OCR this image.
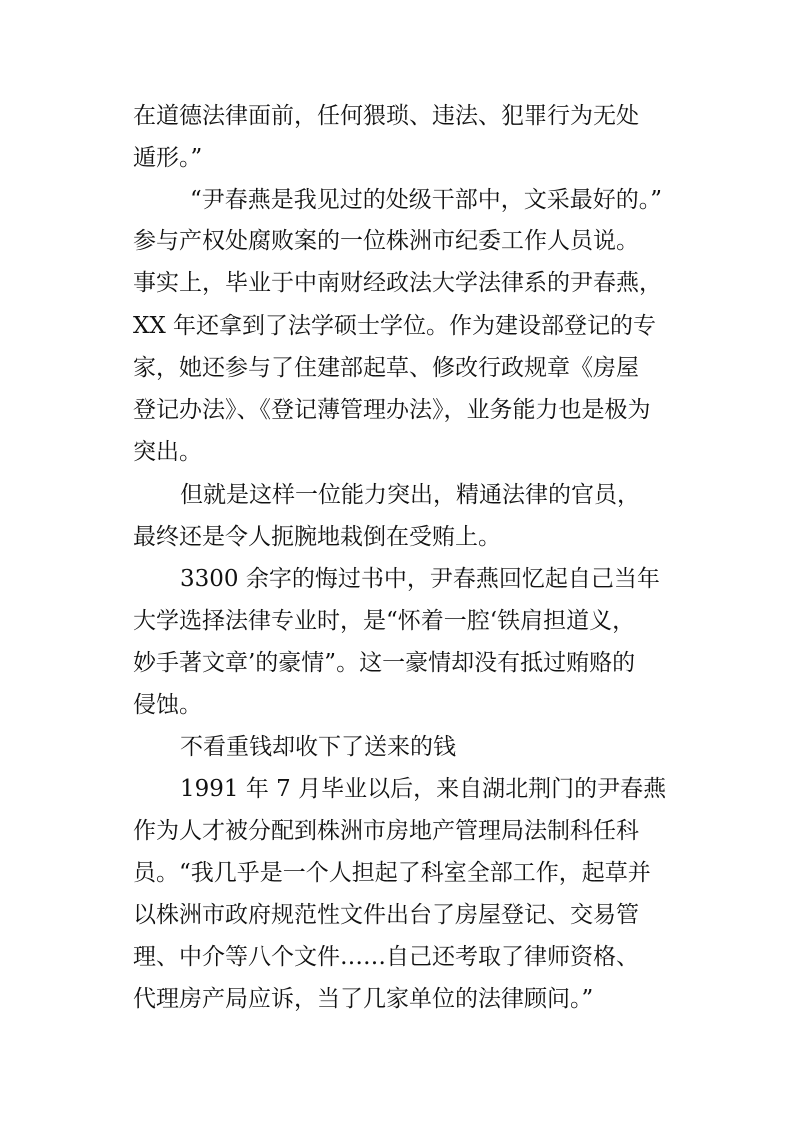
在道德法律面前，任何猥琐、违法、犯罪行为无处

遁形。”

“尹春燕是我见过的处级干部中，文采最好的。”

参与产权处腐败案的一位株洲市纪委工作人员说。

事实上，毕业于中南财经政法大学法律系的尹春燕，

XX 年还拿到了法学硕士学位。作为建设部登记的专

家，她还参与了住建部起草、修改行政规章《房屋

登记办法》、《登记薄管理办法》，业务能力也是极为

突出。

但就是这样一位能力突出，精通法律的官员，

最终还是令人扼腕地栽倒在受贿上。

3300 余字的悔过书中，尹春燕回忆起自己当年

大学选择法律专业时，是“怀着一腔‘铁肩担道义，

妙手著文章’的豪情”。这一豪情却没有抵过贿赂的

侵蚀。

不看重钱却收下了送来的钱

1991 年 7 月毕业以后，来自湖北荆门的尹春燕

作为人才被分配到株洲市房地产管理局法制科任科

员。“我几乎是一个人担起了科室全部工作，起草并

以株洲市政府规范性文件出台了房屋登记、交易管

理、中介等八个文件……自己还考取了律师资格、

代理房产局应诉，当了几家单位的法律顾问。”
